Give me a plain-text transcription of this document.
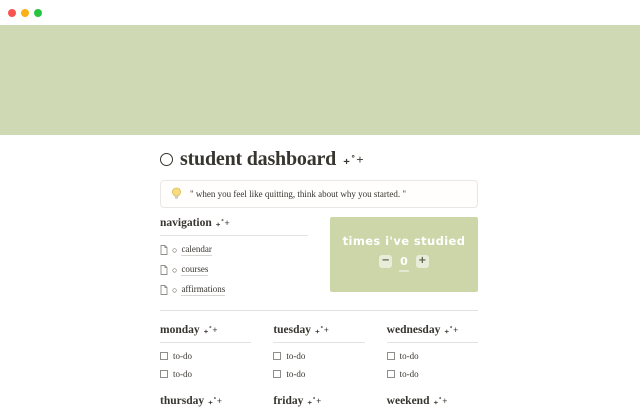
student dashboard ₊˚+
" when you feel like quitting, think about why you started. "
navigation ₊˚+
○ calendar
○ courses
○ affirmations
times i've studied
− 0 +
monday ₊˚+
to-do
to-do
tuesday ₊˚+
to-do
to-do
wednesday ₊˚+
to-do
to-do
thursday ₊˚+	friday ₊˚+	weekend ₊˚+
